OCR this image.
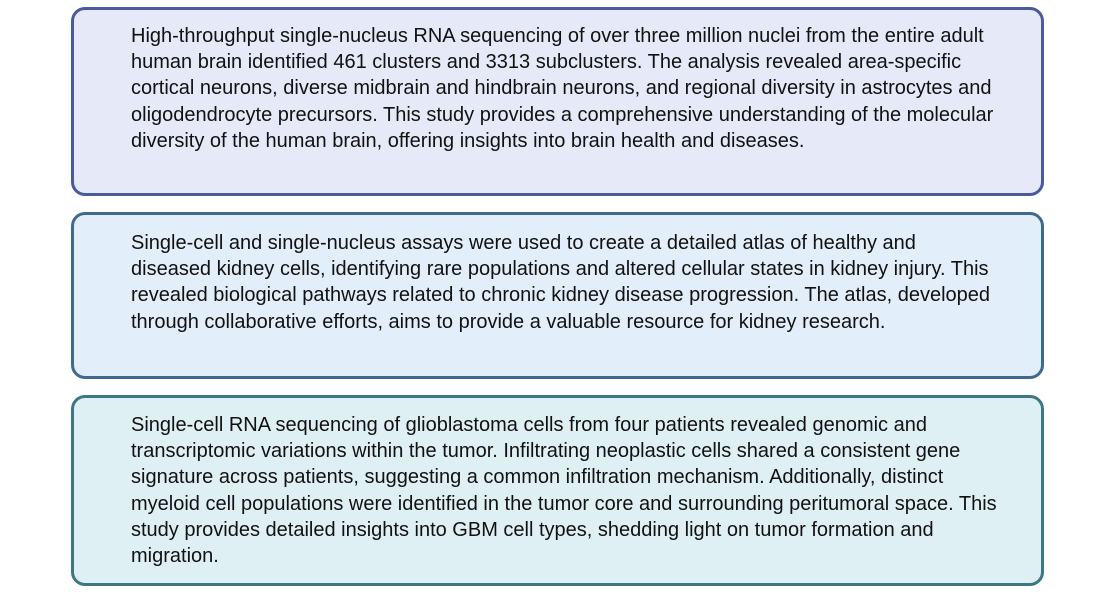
High-throughput single-nucleus RNA sequencing of over three million nuclei from the entire adult human brain identified 461 clusters and 3313 subclusters. The analysis revealed area-specific cortical neurons, diverse midbrain and hindbrain neurons, and regional diversity in astrocytes and oligodendrocyte precursors. This study provides a comprehensive understanding of the molecular diversity of the human brain, offering insights into brain health and diseases.

Single-cell and single-nucleus assays were used to create a detailed atlas of healthy and diseased kidney cells, identifying rare populations and altered cellular states in kidney injury. This revealed biological pathways related to chronic kidney disease progression. The atlas, developed through collaborative efforts, aims to provide a valuable resource for kidney research.

Single-cell RNA sequencing of glioblastoma cells from four patients revealed genomic and transcriptomic variations within the tumor. Infiltrating neoplastic cells shared a consistent gene signature across patients, suggesting a common infiltration mechanism. Additionally, distinct myeloid cell populations were identified in the tumor core and surrounding peritumoral space. This study provides detailed insights into GBM cell types, shedding light on tumor formation and migration.
